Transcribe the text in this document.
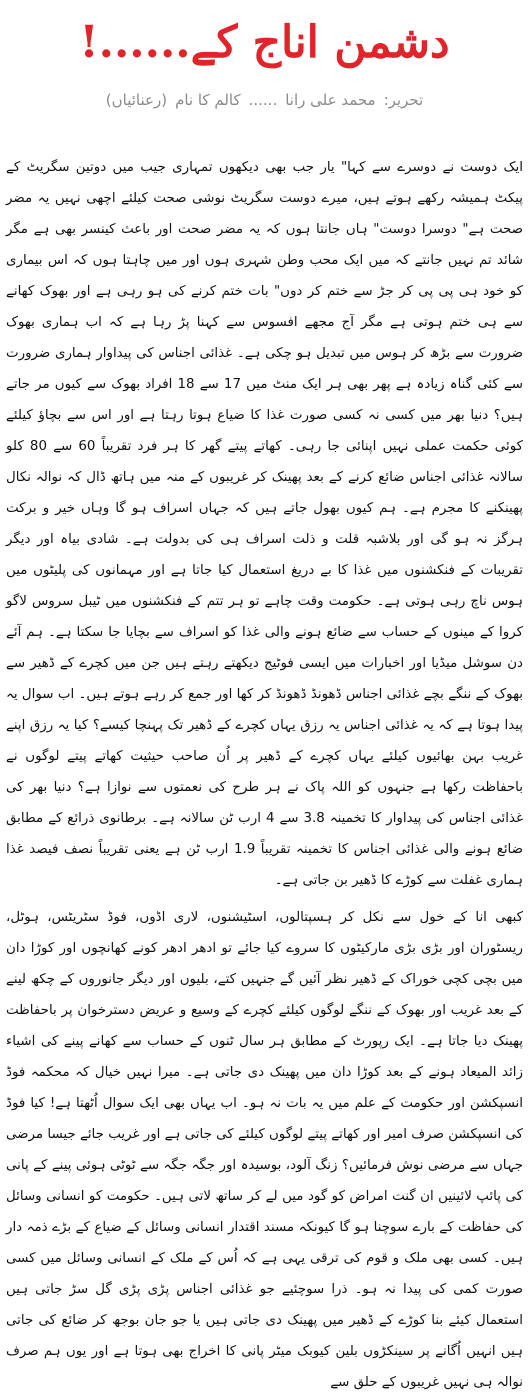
دشمن اناج کے......!
تحریر:محمد علی رانا......کالم کا نام(رعنائیاں)

ایک دوست نے دوسرے سے کہا" یار جب بھی دیکھوں تمہاری جیب میں دوتین سگریٹ کے پیکٹ ہمیشہ رکھے ہوتے ہیں، میرے دوست سگریٹ نوشی صحت کیلئے اچھی نہیں یہ مضر صحت ہے" دوسرا دوست" ہاں جانتا ہوں کہ یہ مضر صحت اور باعث کینسر بھی ہے مگر شائد تم نہیں جانتے کہ میں ایک محب وطن شہری ہوں اور میں چاہتا ہوں کہ اس بیماری کو خود ہی پی پی کر جڑ سے ختم کر دوں" بات ختم کرنے کی ہو رہی ہے اور بھوک کھانے سے ہی ختم ہوتی ہے مگر آج مجھے افسوس سے کہنا پڑ رہا ہے کہ اب ہماری بھوک ضرورت سے بڑھ کر ہوس میں تبدیل ہو چکی ہے۔ غذائی اجناس کی پیداوار ہماری ضرورت سے کئی گناہ زیادہ ہے پھر بھی ہر ایک منٹ میں 17 سے 18 افراد بھوک سے کیوں مر جاتے ہیں؟ دنیا بھر میں کسی نہ کسی صورت غذا کا ضیاع ہوتا رہتا ہے اور اس سے بچاؤ کیلئے کوئی حکمت عملی نہیں اپنائی جا رہی۔ کھاتے پیتے گھر کا ہر فرد تقریباً 60 سے 80 کلو سالانہ غذائی اجناس ضائع کرنے کے بعد پھینک کر غریبوں کے منہ میں ہاتھ ڈال کہ نوالہ نکال پھینکنے کا مجرم ہے۔ ہم کیوں بھول جاتے ہیں کہ جہاں اسراف ہو گا وہاں خیر و برکت ہرگز نہ ہو گی اور بلاشبہ قلت و ذلت اسراف ہی کی بدولت ہے۔ شادی بیاہ اور دیگر تقریبات کے فنکشنوں میں غذا کا بے دریغ استعمال کیا جاتا ہے اور مہمانوں کی پلیٹوں میں ہوس ناچ رہی ہوتی ہے۔ حکومت وقت چاہے تو ہر تتم کے فنکشنوں میں ٹیبل سروس لاگو کروا کے مینوں کے حساب سے ضائع ہونے والی غذا کو اسراف سے بچایا جا سکتا ہے۔ ہم آئے دن سوشل میڈیا اور اخبارات میں ایسی فوٹیج دیکھتے رہتے ہیں جن میں کچرے کے ڈھیر سے بھوک کے ننگے بچے غذائی اجناس ڈھونڈ ڈھونڈ کر کھا اور جمع کر رہے ہوتے ہیں۔ اب سوال یہ پیدا ہوتا ہے کہ یہ غذائی اجناس یہ رزق یہاں کچرے کے ڈھیر تک پہنچا کیسے؟ کیا یہ رزق اپنے غریب بہن بھائیوں کیلئے یہاں کچرے کے ڈھیر پر اُن صاحب حیثیت کھاتے پیتے لوگوں نے باحفاظت رکھا ہے جنہوں کو اللہ پاک نے ہر طرح کی نعمتوں سے نوازا ہے؟ دنیا بھر کی غذائی اجناس کی پیداوار کا تخمینہ 3.8 سے 4 ارب ٹن سالانہ ہے۔ برطانوی ذرائع کے مطابق ضائع ہونے والی غذائی اجناس کا تخمینہ تقریباً 1.9 ارب ٹن ہے یعنی تقریباً نصف فیصد غذا ہماری غفلت سے کوڑے کا ڈھیر بن جاتی ہے۔

کبھی انا کے خول سے نکل کر ہسپتالوں، اسٹیشنوں، لاری اڈوں، فوڈ سٹریٹس، ہوٹل، ریسٹوران اور بڑی بڑی مارکیٹوں کا سروے کیا جائے تو ادھر ادھر کونے کھانچوں اور کوڑا دان میں بچی کچی خوراک کے ڈھیر نظر آئیں گے جنہیں کتے، بلیوں اور دیگر جانوروں کے چکھ لینے کے بعد غریب اور بھوک کے ننگے لوگوں کیلئے کچرے کے وسیع و عریض دسترخوان پر باحفاظت پھینک دیا جاتا ہے۔ ایک رپورٹ کے مطابق ہر سال ٹنوں کے حساب سے کھانے پینے کی اشیاء زائد المیعاد ہونے کے بعد کوڑا دان میں پھینک دی جاتی ہے۔ میرا نہیں خیال کہ محکمہ فوڈ انسپکشن اور حکومت کے علم میں یہ بات نہ ہو۔ اب یہاں بھی ایک سوال اُٹھتا ہے! کیا فوڈ کی انسپکشن صرف امیر اور کھاتے پیتے لوگوں کیلئے کی جاتی ہے اور غریب جائے جیسا مرضی جہاں سے مرضی نوش فرمائیں؟ زنگ آلود، بوسیدہ اور جگہ جگہ سے ٹوٹی ہوئی پینے کے پانی کی پائپ لائینیں ان گنت امراض کو گود میں لے کر ساتھ لاتی ہیں۔ حکومت کو انسانی وسائل کی حفاظت کے بارے سوچنا ہو گا کیونکہ مسند اقتدار انسانی وسائل کے ضیاع کے بڑے ذمہ دار ہیں۔ کسی بھی ملک و قوم کی ترقی یہی ہے کہ اُس کے ملک کے انسانی وسائل میں کسی صورت کمی کی پیدا نہ ہو۔ ذرا سوچئیے جو غذائی اجناس پڑی پڑی گل سڑ جاتی ہیں استعمال کیئے بنا کوڑے کے ڈھیر میں پھینک دی جاتی ہیں یا جو جان بوجھ کر ضائع کی جاتی ہیں انہیں اُگانے پر سینکڑوں بلین کیوبک میٹر پانی کا اخراج بھی ہوتا ہے اور یوں ہم صرف نوالہ ہی نہیں غریبوں کے حلق سے
